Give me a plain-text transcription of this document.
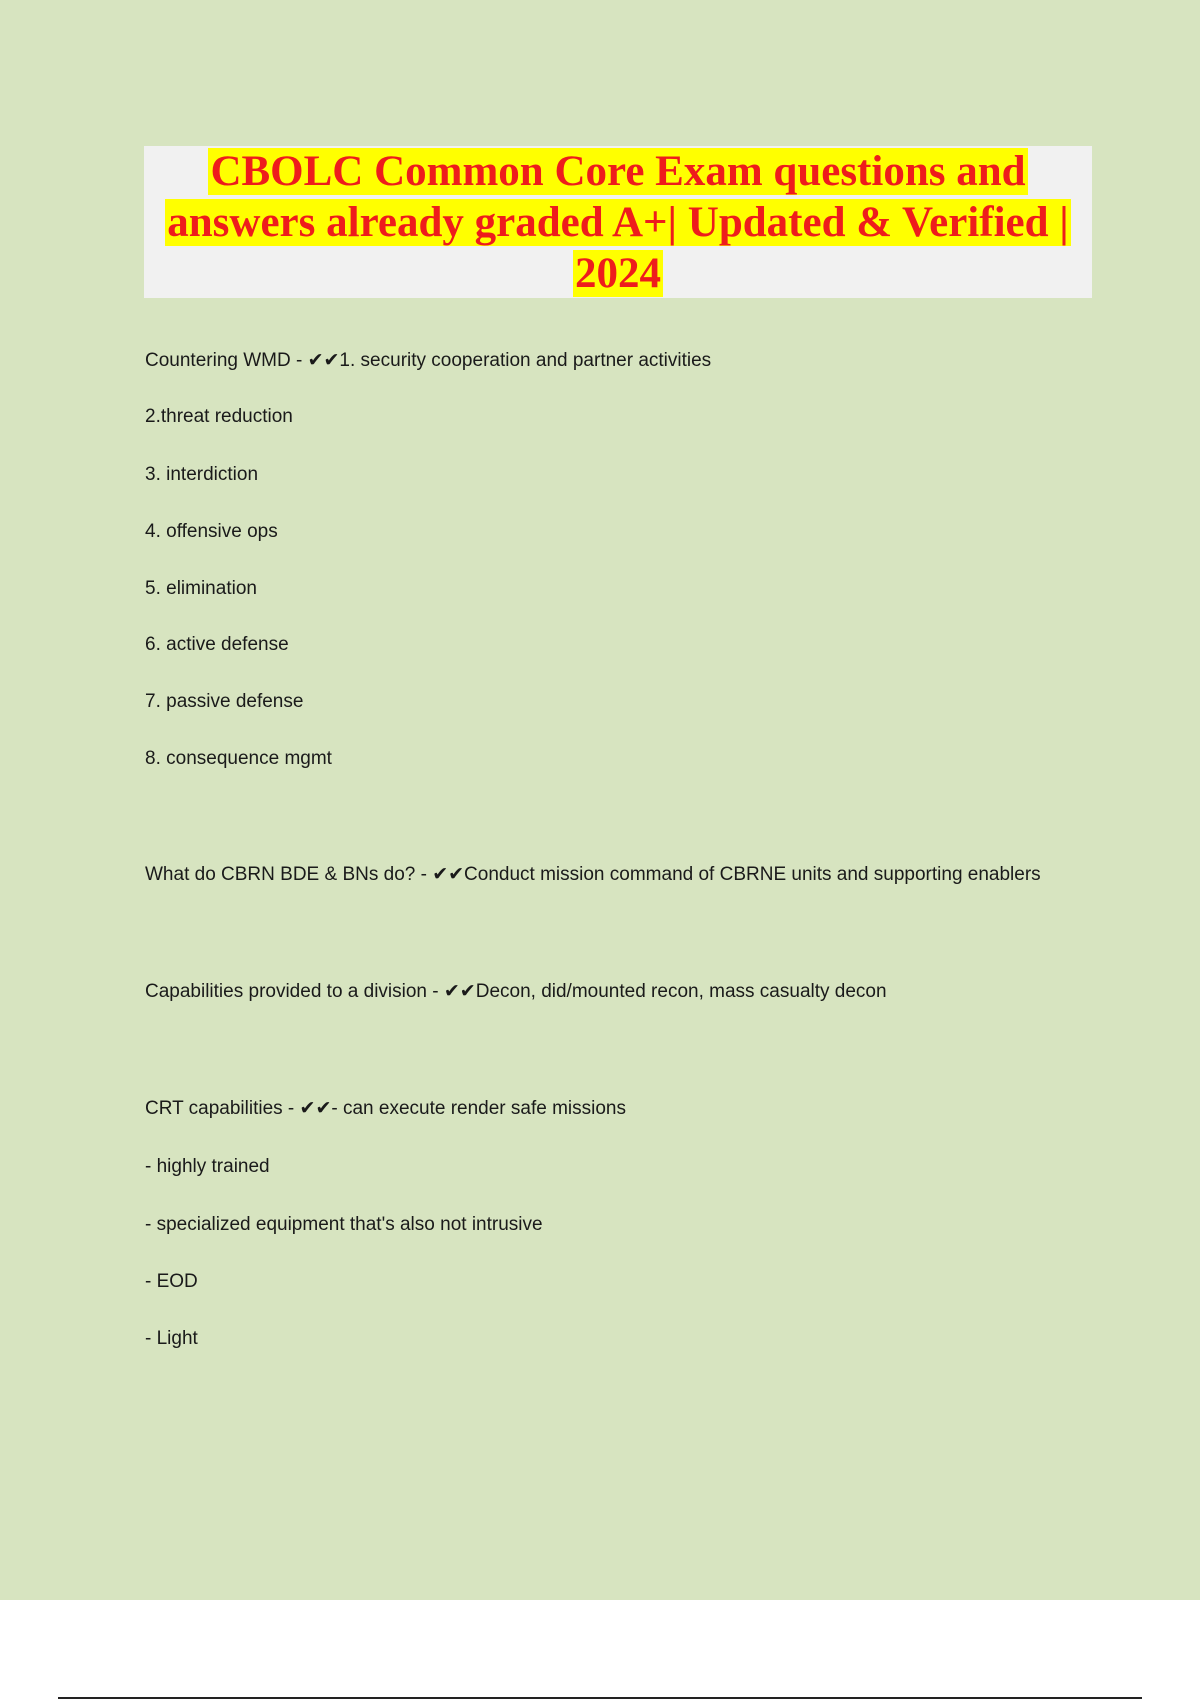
CBOLC Common Core Exam questions and answers already graded A+| Updated & Verified | 2024

Countering WMD - ✔✔1. security cooperation and partner activities

2.threat reduction

3. interdiction

4. offensive ops

5. elimination

6. active defense

7. passive defense

8. consequence mgmt

What do CBRN BDE & BNs do? - ✔✔Conduct mission command of CBRNE units and supporting enablers

Capabilities provided to a division - ✔✔Decon, did/mounted recon, mass casualty decon

CRT capabilities - ✔✔- can execute render safe missions

- highly trained

- specialized equipment that's also not intrusive

- EOD

- Light
